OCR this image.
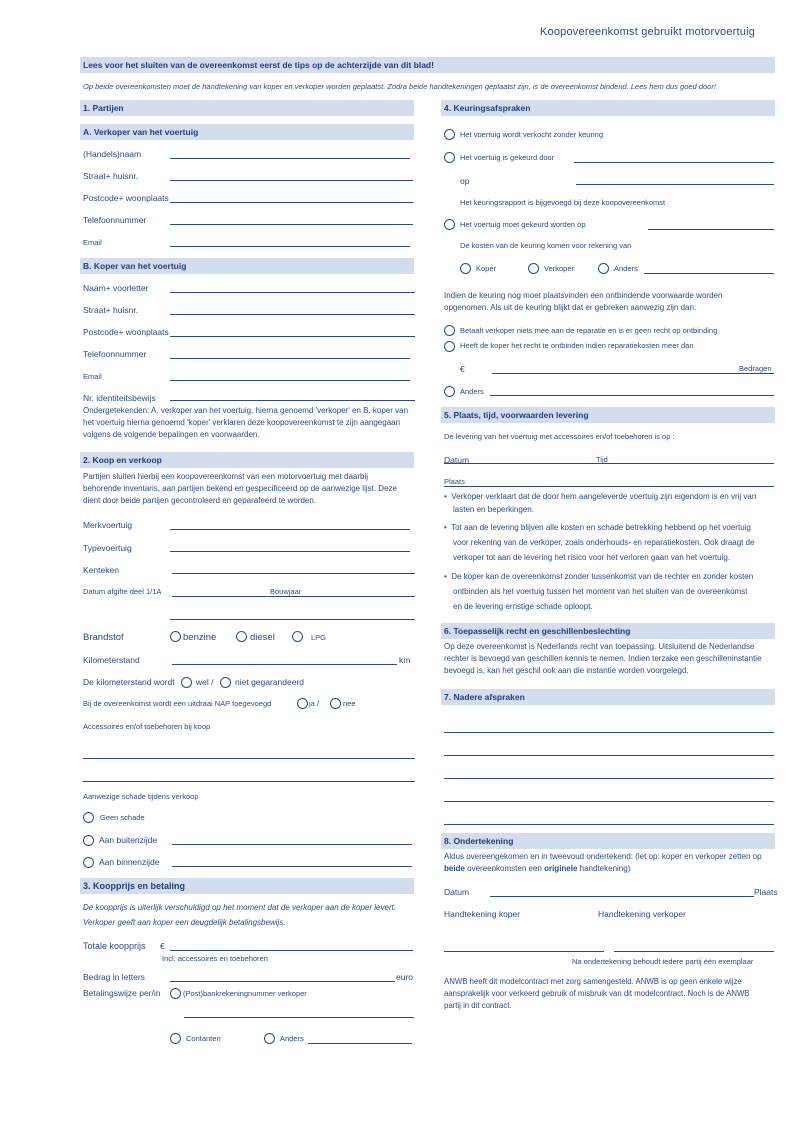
Koopovereenkomst gebruikt motorvoertuig
Lees voor het sluiten van de overeenkomst eerst de tips op de achterzijde van dit blad!
Op beide overeenkomsten moet de handtekening van koper en verkoper worden geplaatst. Zodra beide handtekeningen geplaatst zijn, is de overeenkomst bindend. Lees hem dus goed door!
1. Partijen
A. Verkoper van het voertuig
(Handels)naam
Straat+ huisnr.
Postcode+ woonplaats
Telefoonnummer
Email
B. Koper van het voertuig
Naam+ voorletter
Straat+ huisnr.
Postcode+ woonplaats
Telefoonnummer
Email
Nr. identiteitsbewijs
Ondergetekenden: A. verkoper van het voertuig, hierna genoemd 'verkoper' en B. koper van
het voertuig hierna genoemd 'koper' verklaren deze koopovereenkomst te zijn aangegaan
volgens de volgende bepalingen en voorwaarden.
2. Koop en verkoop
Partijen sluiten hierbij een koopovereenkomst van een motorvoertuig met daarbij
behorende inventaris, aan partijen bekend en gespecificeerd op de aanwezige lijst. Deze
dient door beide partijen gecontroleerd en geparafeerd te worden.
Merkvoertuig
Typevoertuig
Kenteken
Datum afgifte deel 1/1A	Bouwjaar
Brandstof	benzine	diesel	LPG
Kilometerstand	km
De kilometerstand wordt	wel /	niet gegarandeerd
Bij de overeenkomst wordt een uitdraai NAP toegevoegd	ja /	nee
Accessoires en/of toebehoren bij koop
Aanwezige schade tijdens verkoop
Geen schade
Aan buitenzijde
Aan binnenzijde
3. Koopprijs en betaling
De koopprijs is uiterlijk verschuldigd op het moment dat de verkoper aan de koper levert.
Verkoper geeft aan koper een deugdelijk betalingsbewijs.
Totale koopprijs €
Incl. accessoires en toebehoren
Bedrag in letters	euro
Betalingswijze per/in	(Post)bankrekeningnummer verkoper
Contanten	Anders
4. Keuringsafspraken
Het voertuig wordt verkocht zonder keuring
Het voertuig is gekeurd door
op
Het keuringsrapport is bijgevoegd bij deze koopovereenkomst
Het voertuig moet gekeurd worden op
De kosten van de keuring komen voor rekening van
Koper	Verkoper	Anders
Indien de keuring nog moet plaatsvinden een ontbindende voorwaarde worden
opgenomen. Als uit de keuring blijkt dat er gebreken aanwezig zijn dan:
Betaalt verkoper niets mee aan de reparatie en is er geen recht op ontbinding
Heeft de koper het recht te ontbinden indien reparatiekosten meer dan
€	Bedragen
Anders
5. Plaats, tijd, voorwaarden levering
De levering van het voertuig met accessoires en/of toebehoren is op :
Datum	Tijd
Plaats
•  Verkoper verklaart dat de door hem aangeleverde voertuig zijn eigendom is en vrij van
lasten en beperkingen.
•  Tot aan de levering blijven alle kosten en schade betrekking hebbend op het voertuig
voor rekening van de verkoper, zoals onderhouds- en reparatiekosten. Ook draagt de
verkoper tot aan de levering het risico voor het verloren gaan van het voertuig.
•  De koper kan de overeenkomst zonder tussenkomst van de rechter en zonder kosten
ontbinden als het voertuig tussen het moment van het sluiten van de overeenkomst
en de levering ernstige schade oploopt.
6. Toepasselijk recht en geschillenbeslechting
Op deze overeenkomst is Nederlands recht van toepassing. Uitsluitend de Nederlandse
rechter is bevoegd van geschillen kennis te nemen. Indien terzake een geschilleninstantie
bevoegd is, kan het geschil ook aan die instantie worden voorgelegd.
7. Nadere afspraken
8. Ondertekening
Aldus overeengekomen en in tweevoud ondertekend: (let op: koper en verkoper zetten op
beide overeenkomsten een originele handtekening)
Datum	Plaats
Handtekening koper	Handtekening verkoper
Na ondertekening behoudt iedere partij één exemplaar
ANWB heeft dit modelcontract met zorg samengesteld. ANWB is op geen enkele wijze
aansprakelijk voor verkeerd gebruik of misbruik van dit modelcontract. Noch is de ANWB
partij in dit contract.
